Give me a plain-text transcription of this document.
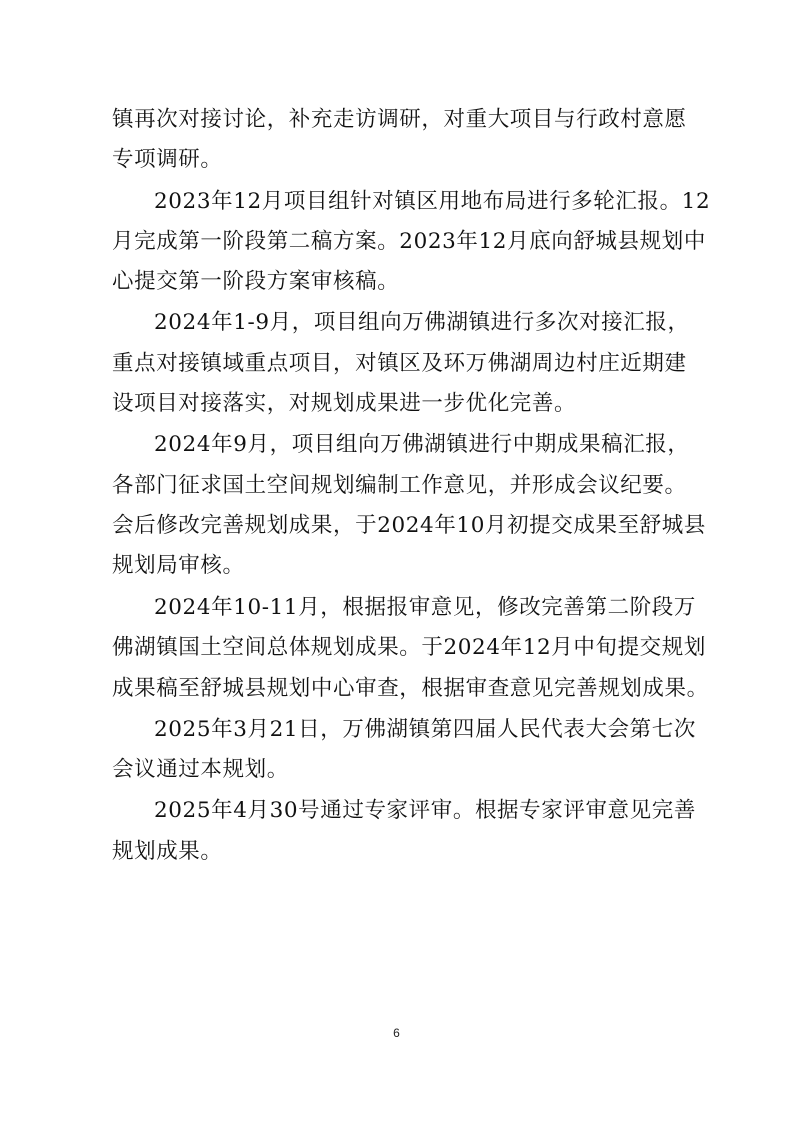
镇再次对接讨论，补充走访调研，对重大项目与行政村意愿
专项调研。
2023年12月项目组针对镇区用地布局进行多轮汇报。12
月完成第一阶段第二稿方案。2023年12月底向舒城县规划中
心提交第一阶段方案审核稿。
2024年1-9月，项目组向万佛湖镇进行多次对接汇报，
重点对接镇域重点项目，对镇区及环万佛湖周边村庄近期建
设项目对接落实，对规划成果进一步优化完善。
2024年9月，项目组向万佛湖镇进行中期成果稿汇报，
各部门征求国土空间规划编制工作意见，并形成会议纪要。
会后修改完善规划成果，于2024年10月初提交成果至舒城县
规划局审核。
2024年10-11月，根据报审意见，修改完善第二阶段万
佛湖镇国土空间总体规划成果。于2024年12月中旬提交规划
成果稿至舒城县规划中心审查，根据审查意见完善规划成果。
2025年3月21日，万佛湖镇第四届人民代表大会第七次
会议通过本规划。
2025年4月30号通过专家评审。根据专家评审意见完善
规划成果。
6
